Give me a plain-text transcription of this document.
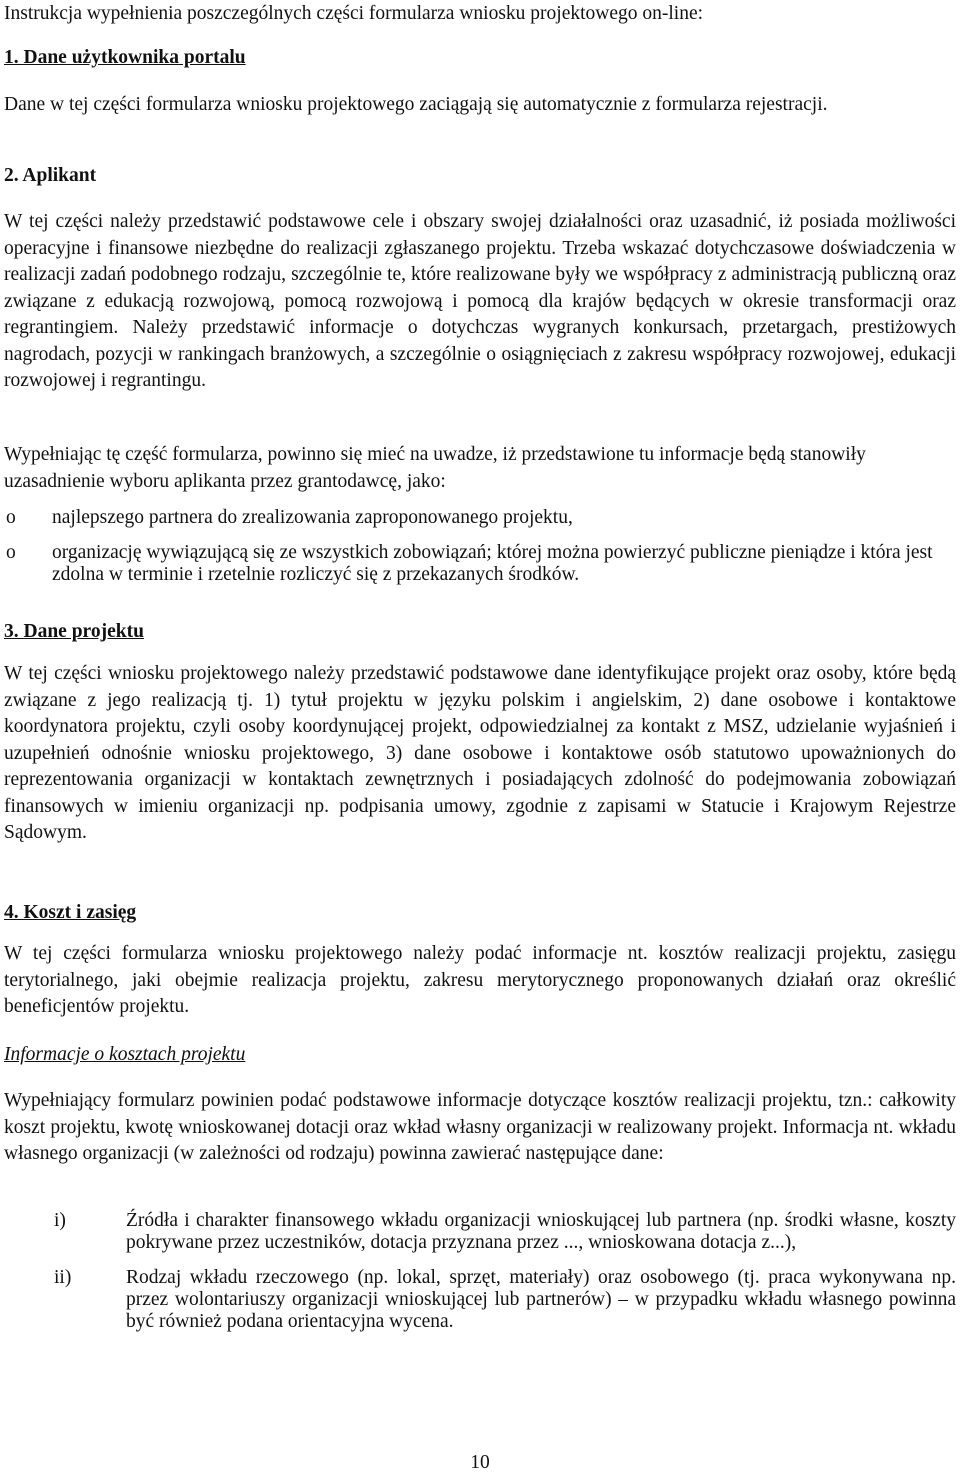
Instrukcja wypełnienia poszczególnych części formularza wniosku projektowego on-line:

1. Dane użytkownika portalu

Dane w tej części formularza wniosku projektowego zaciągają się automatycznie z formularza rejestracji.

2. Aplikant

W tej części należy przedstawić podstawowe cele i obszary swojej działalności oraz uzasadnić, iż posiada możliwości operacyjne i finansowe niezbędne do realizacji zgłaszanego projektu. Trzeba wskazać dotychczasowe doświadczenia w realizacji zadań podobnego rodzaju, szczególnie te, które realizowane były we współpracy z administracją publiczną oraz związane z edukacją rozwojową, pomocą rozwojową i pomocą dla krajów będących w okresie transformacji oraz regrantingiem. Należy przedstawić informacje o dotychczas wygranych konkursach, przetargach, prestiżowych nagrodach, pozycji w rankingach branżowych, a szczególnie o osiągnięciach z zakresu współpracy rozwojowej, edukacji rozwojowej i regrantingu.

Wypełniając tę część formularza, powinno się mieć na uwadze, iż przedstawione tu informacje będą stanowiły uzasadnienie wyboru aplikanta przez grantodawcę, jako:

o	najlepszego partnera do zrealizowania zaproponowanego projektu,
o	organizację wywiązującą się ze wszystkich zobowiązań; której można powierzyć publiczne pieniądze i która jest zdolna w terminie i rzetelnie rozliczyć się z przekazanych środków.

3. Dane projektu

W tej części wniosku projektowego należy przedstawić podstawowe dane identyfikujące projekt oraz osoby, które będą związane z jego realizacją tj. 1) tytuł projektu w języku polskim i angielskim, 2) dane osobowe i kontaktowe koordynatora projektu, czyli osoby koordynującej projekt, odpowiedzialnej za kontakt z MSZ, udzielanie wyjaśnień i uzupełnień odnośnie wniosku projektowego, 3) dane osobowe i kontaktowe osób statutowo upoważnionych do reprezentowania organizacji w kontaktach zewnętrznych i posiadających zdolność do podejmowania zobowiązań finansowych w imieniu organizacji np. podpisania umowy, zgodnie z zapisami w Statucie i Krajowym Rejestrze Sądowym.

4. Koszt i zasięg

W tej części formularza wniosku projektowego należy podać informacje nt. kosztów realizacji projektu, zasięgu terytorialnego, jaki obejmie realizacja projektu, zakresu merytorycznego proponowanych działań oraz określić beneficjentów projektu.

Informacje o kosztach projektu

Wypełniający formularz powinien podać podstawowe informacje dotyczące kosztów realizacji projektu, tzn.: całkowity koszt projektu, kwotę wnioskowanej dotacji oraz wkład własny organizacji w realizowany projekt. Informacja nt. wkładu własnego organizacji (w zależności od rodzaju) powinna zawierać następujące dane:

i)	Źródła i charakter finansowego wkładu organizacji wnioskującej lub partnera (np. środki własne, koszty pokrywane przez uczestników, dotacja przyznana przez ..., wnioskowana dotacja z...),
ii)	Rodzaj wkładu rzeczowego (np. lokal, sprzęt, materiały) oraz osobowego (tj. praca wykonywana np. przez wolontariuszy organizacji wnioskującej lub partnerów) – w przypadku wkładu własnego powinna być również podana orientacyjna wycena.
10
